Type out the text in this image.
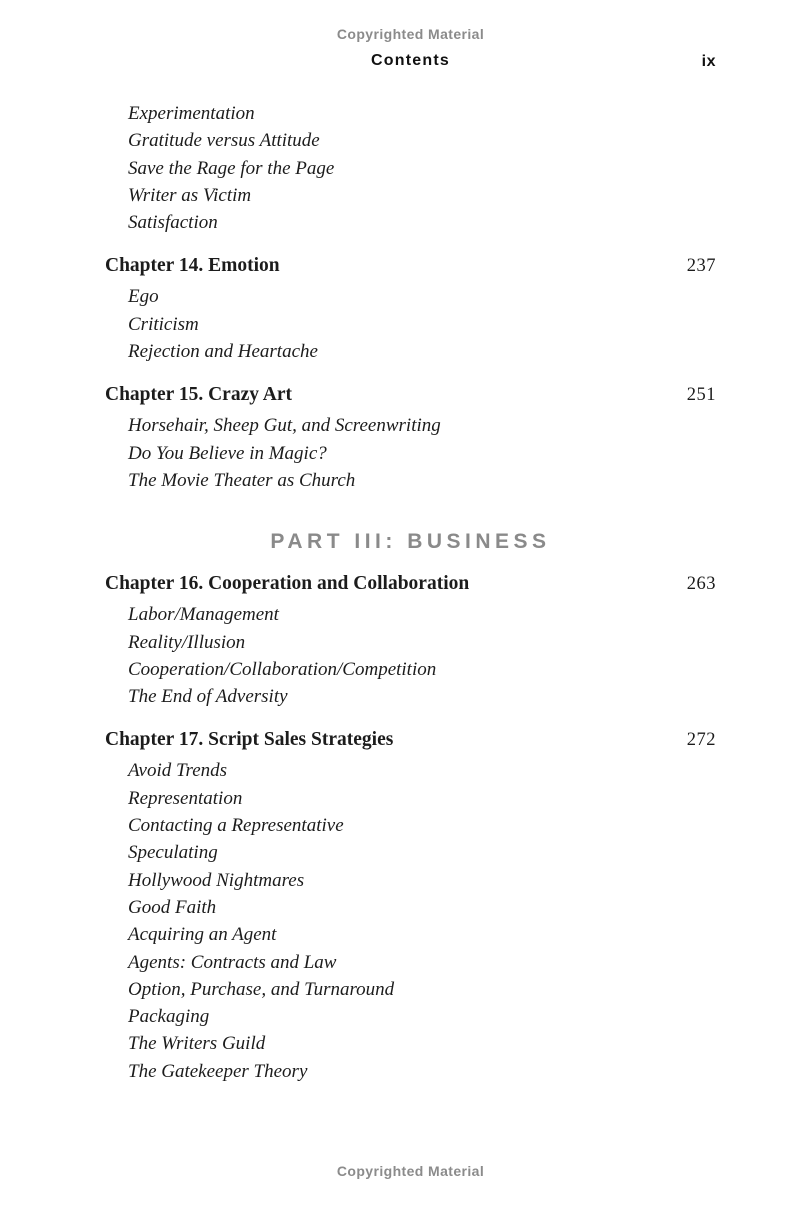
Copyrighted Material
Contents	ix
Experimentation
Gratitude versus Attitude
Save the Rage for the Page
Writer as Victim
Satisfaction
Chapter 14. Emotion	237
Ego
Criticism
Rejection and Heartache
Chapter 15. Crazy Art	251
Horsehair, Sheep Gut, and Screenwriting
Do You Believe in Magic?
The Movie Theater as Church
PART III: BUSINESS
Chapter 16. Cooperation and Collaboration	263
Labor/Management
Reality/Illusion
Cooperation/Collaboration/Competition
The End of Adversity
Chapter 17. Script Sales Strategies	272
Avoid Trends
Representation
Contacting a Representative
Speculating
Hollywood Nightmares
Good Faith
Acquiring an Agent
Agents: Contracts and Law
Option, Purchase, and Turnaround
Packaging
The Writers Guild
The Gatekeeper Theory
Copyrighted Material
